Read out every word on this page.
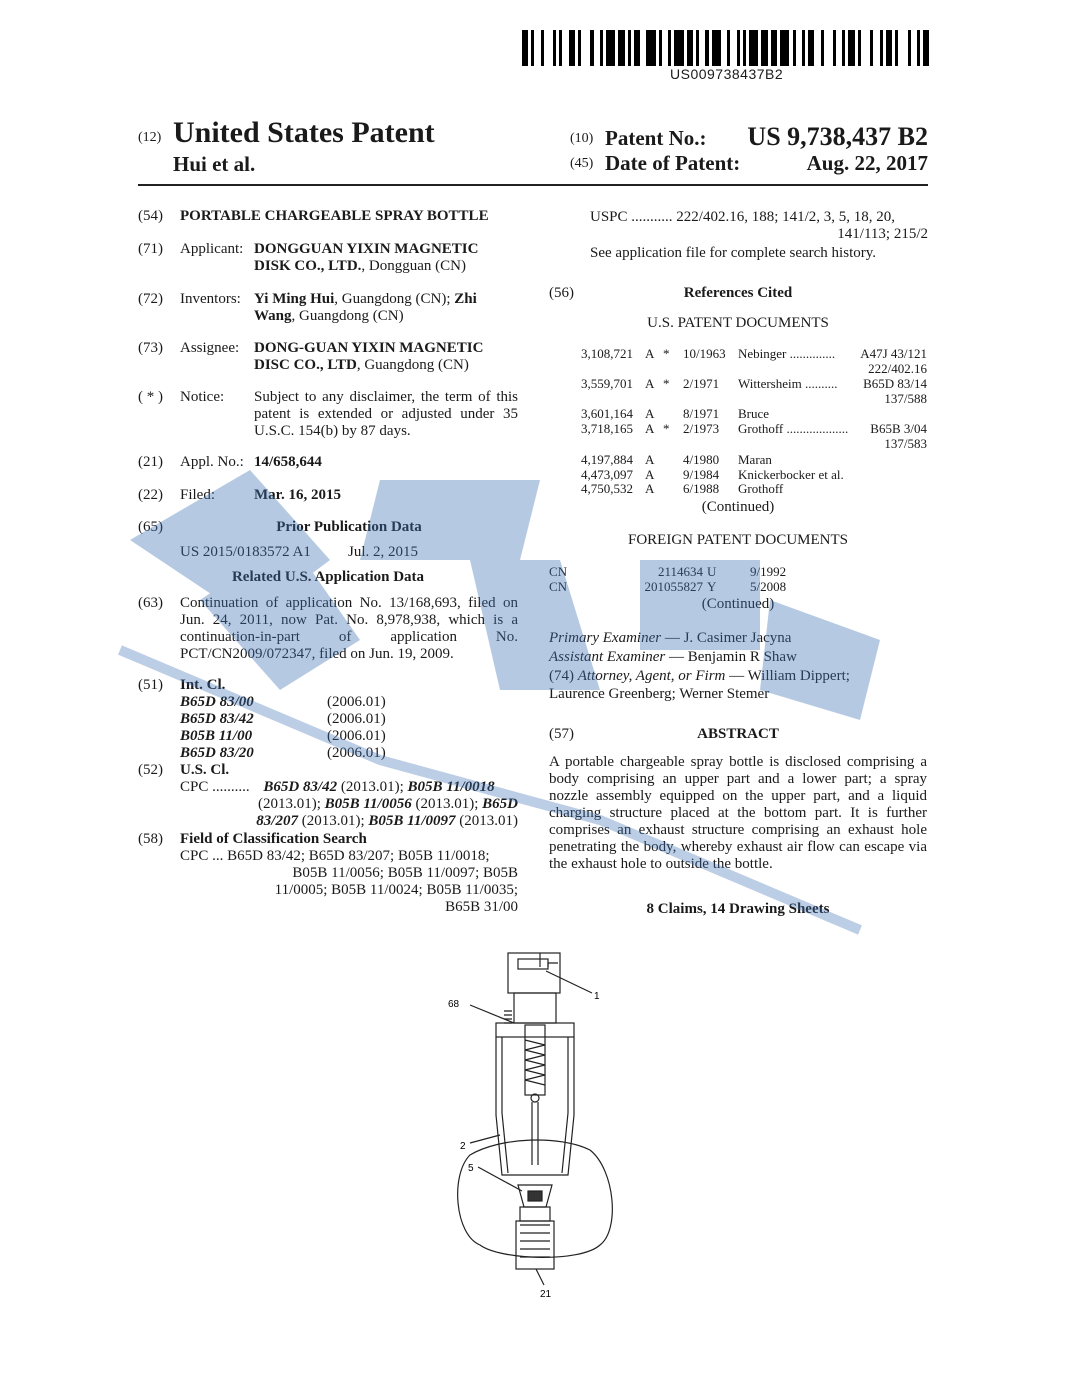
US009738437B2
(12) United States Patent
Hui et al.
(10) Patent No.: US 9,738,437 B2
(45) Date of Patent:	Aug. 22, 2017
(54) PORTABLE CHARGEABLE SPRAY BOTTLE
(71) Applicant: DONGGUAN YIXIN MAGNETIC DISK CO., LTD., Dongguan (CN)
(72) Inventors: Yi Ming Hui, Guangdong (CN); Zhi Wang, Guangdong (CN)
(73) Assignee: DONG-GUAN YIXIN MAGNETIC DISC CO., LTD, Guangdong (CN)
( * ) Notice: Subject to any disclaimer, the term of this patent is extended or adjusted under 35 U.S.C. 154(b) by 87 days.
(21) Appl. No.: 14/658,644
(22) Filed:	Mar. 16, 2015
(65)	Prior Publication Data
US 2015/0183572 A1 Jul. 2, 2015
Related U.S. Application Data
(63) Continuation of application No. 13/168,693, filed on Jun. 24, 2011, now Pat. No. 8,978,938, which is a continuation-in-part of application No. PCT/CN2009/072347, filed on Jun. 19, 2009.
(51) Int. Cl.
B65D 83/00	(2006.01)
B65D 83/42	(2006.01)
B05B 11/00	(2006.01)
B65D 83/20	(2006.01)
(52) U.S. Cl.
CPC .......... B65D 83/42 (2013.01); B05B 11/0018
(2013.01); B05B 11/0056 (2013.01); B65D
83/207 (2013.01); B05B 11/0097 (2013.01)
(58) Field of Classification Search
CPC ... B65D 83/42; B65D 83/207; B05B 11/0018;
B05B 11/0056; B05B 11/0097; B05B
11/0005; B05B 11/0024; B05B 11/0035;
B65B 31/00
USPC ........... 222/402.16, 188; 141/2, 3, 5, 18, 20,
141/113; 215/2
See application file for complete search history.
(56)	References Cited
U.S. PATENT DOCUMENTS
3,108,721 A * 10/1963 Nebinger .............. A47J 43/121
222/402.16
3,559,701 A * 2/1971 Wittersheim .......... B65D 83/14
137/588
3,601,164 A 8/1971 Bruce
3,718,165 A * 2/1973 Grothoff ................... B65B 3/04
137/583
4,197,884 A 4/1980 Maran
4,473,097 A 9/1984 Knickerbocker et al.
4,750,532 A 6/1988 Grothoff
(Continued)
FOREIGN PATENT DOCUMENTS
CN	2114634 U	9/1992
CN	201055827 Y	5/2008
(Continued)
Primary Examiner — J. Casimer Jacyna
Assistant Examiner — Benjamin R Shaw
(74) Attorney, Agent, or Firm — William Dippert;
Laurence Greenberg; Werner Stemer
(57)	ABSTRACT
A portable chargeable spray bottle is disclosed comprising a body comprising an upper part and a lower part; a spray nozzle assembly equipped on the upper part, and a liquid charging structure placed at the bottom part. It is further comprises an exhaust structure comprising an exhaust hole penetrating the body, whereby exhaust air flow can escape via the exhaust hole to outside the bottle.
8 Claims, 14 Drawing Sheets
68
1
2
5
21
